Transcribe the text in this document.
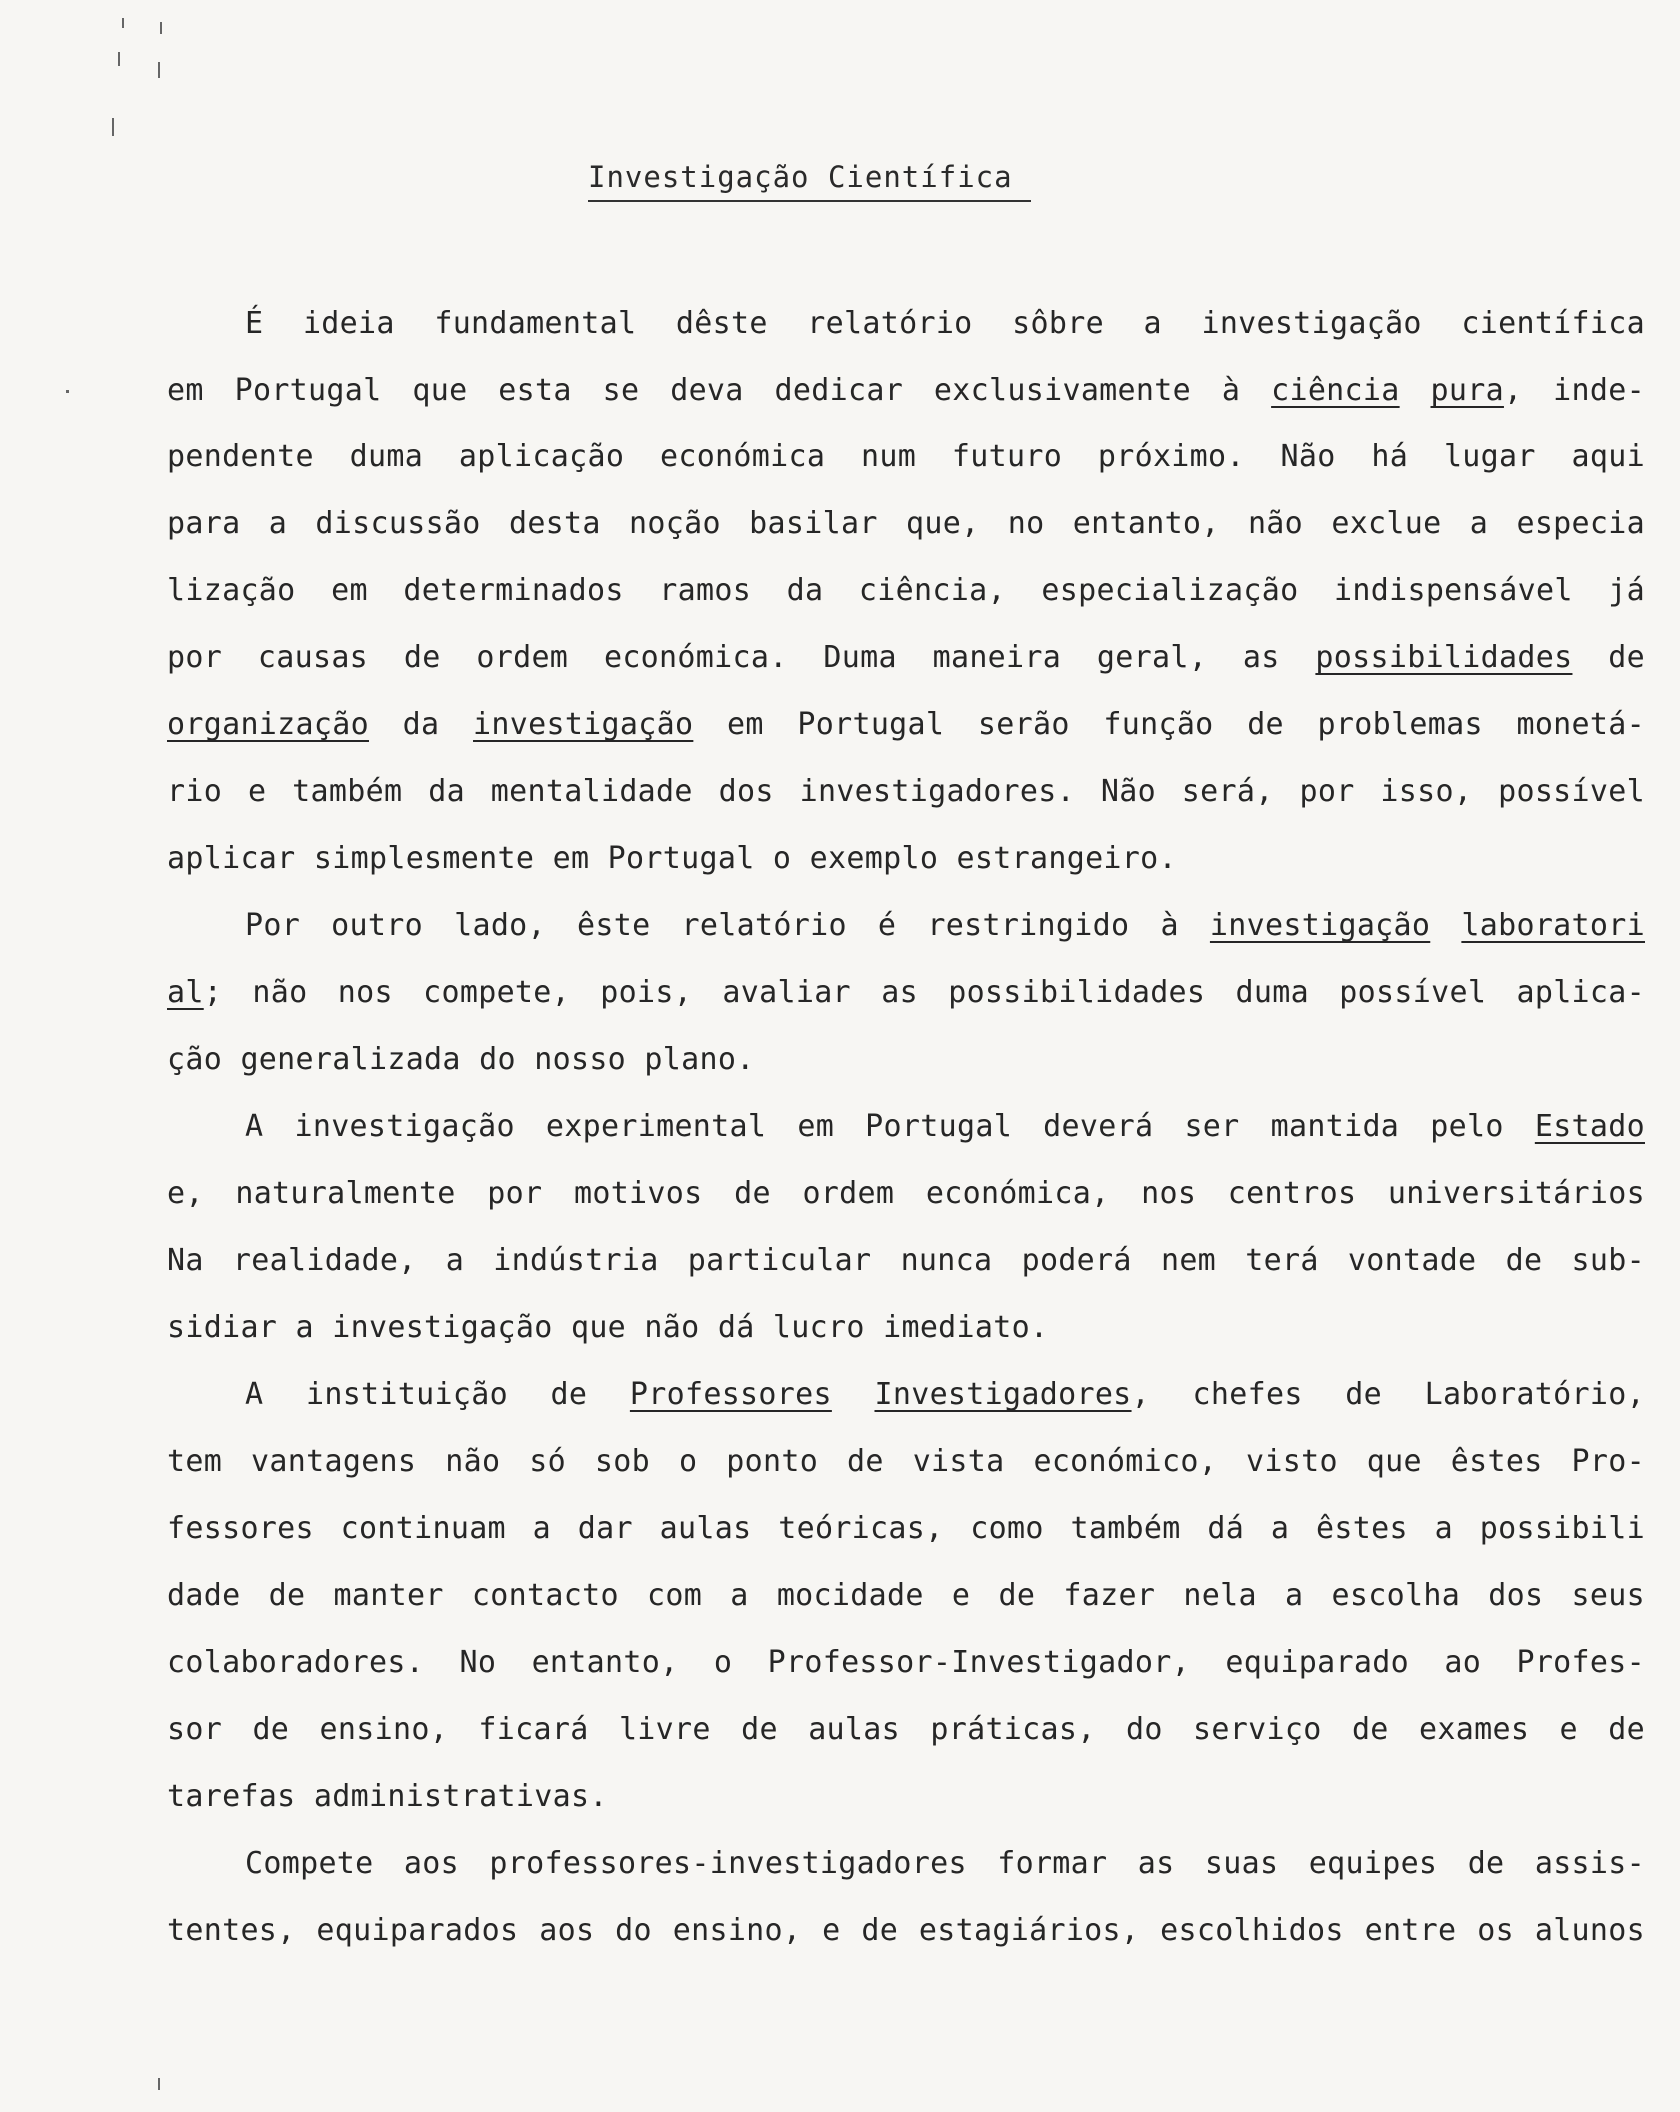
Investigação Científica
É ideia fundamental dêste relatório sôbre a investigação científica
em Portugal que esta se deva dedicar exclusivamente à ciência pura, inde-
pendente duma aplicação económica num futuro próximo. Não há lugar aqui
para a discussão desta noção basilar que, no entanto, não exclue a especia
lização em determinados ramos da ciência, especialização indispensável já
por causas de ordem económica. Duma maneira geral, as possibilidades de
organização da investigação em Portugal serão função de problemas monetá-
rio e também da mentalidade dos investigadores. Não será, por isso, possível
aplicar simplesmente em Portugal o exemplo estrangeiro.
Por outro lado, êste relatório é restringido à investigação laboratori
al; não nos compete, pois, avaliar as possibilidades duma possível aplica-
ção generalizada do nosso plano.
A investigação experimental em Portugal deverá ser mantida pelo Estado
e, naturalmente por motivos de ordem económica, nos centros universitários
Na realidade, a indústria particular nunca poderá nem terá vontade de sub-
sidiar a investigação que não dá lucro imediato.
A instituição de Professores Investigadores, chefes de Laboratório,
tem vantagens não só sob o ponto de vista económico, visto que êstes Pro-
fessores continuam a dar aulas teóricas, como também dá a êstes a possibili
dade de manter contacto com a mocidade e de fazer nela a escolha dos seus
colaboradores. No entanto, o Professor-Investigador, equiparado ao Profes-
sor de ensino, ficará livre de aulas práticas, do serviço de exames e de
tarefas administrativas.
Compete aos professores-investigadores formar as suas equipes de assis-
tentes, equiparados aos do ensino, e de estagiários, escolhidos entre os alunos
